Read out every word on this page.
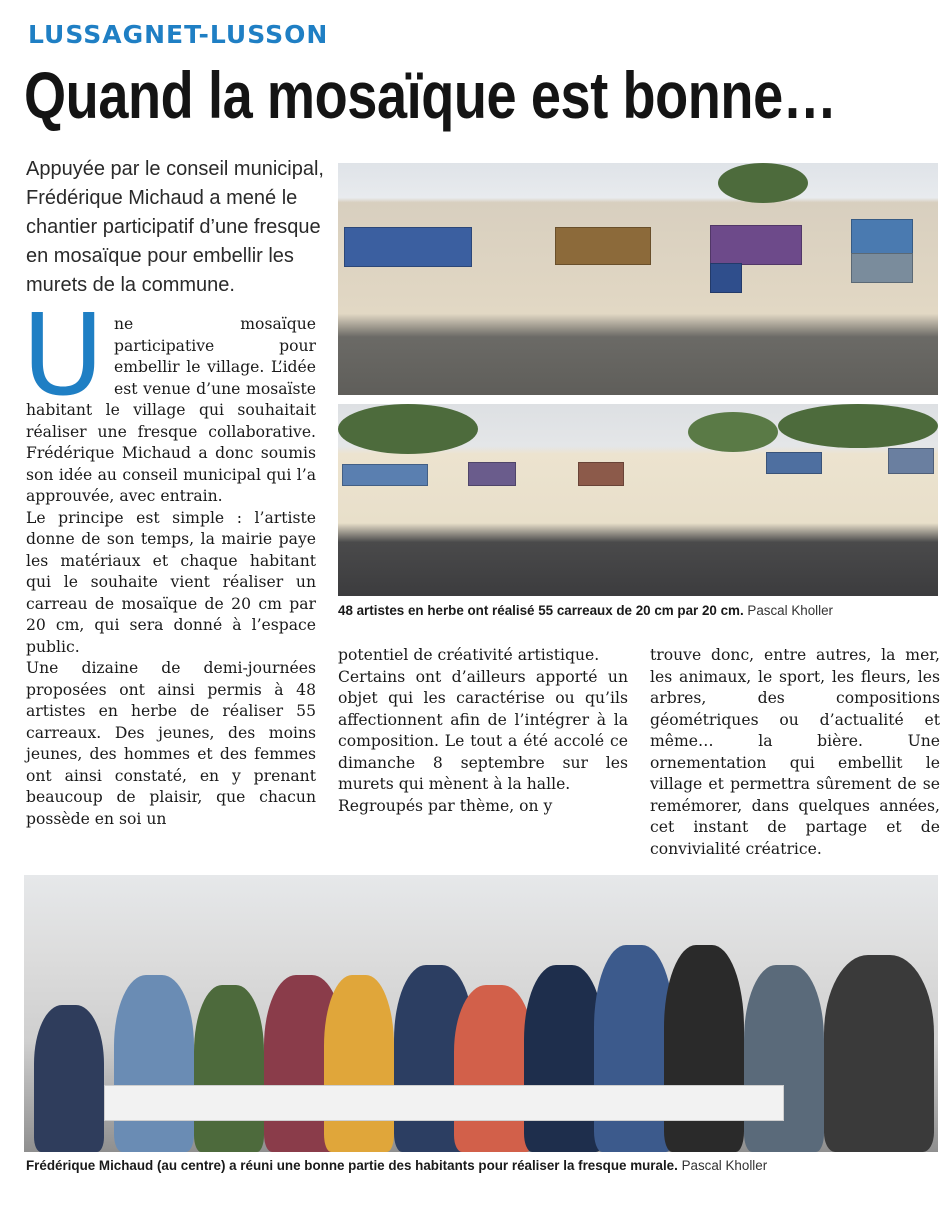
LUSSAGNET-LUSSON
Quand la mosaïque est bonne…
Appuyée par le conseil municipal, Frédérique Michaud a mené le chantier participatif d’une fresque en mosaïque pour embellir les murets de la commune.
48 artistes en herbe ont réalisé 55 carreaux de 20 cm par 20 cm. Pascal Kholler
U ne mosaïque participative pour embellir le village. L’idée est venue d’une mosaïste habitant le village qui souhaitait réaliser une fresque collaborative. Frédérique Michaud a donc soumis son idée au conseil municipal qui l’a approuvée, avec entrain.

Le principe est simple : l’artiste donne de son temps, la mairie paye les matériaux et chaque habitant qui le souhaite vient réaliser un carreau de mosaïque de 20 cm par 20 cm, qui sera donné à l’espace public.

Une dizaine de demi-journées proposées ont ainsi permis à 48 artistes en herbe de réaliser 55 carreaux. Des jeunes, des moins jeunes, des hommes et des femmes ont ainsi constaté, en y prenant beaucoup de plaisir, que chacun possède en soi un

potentiel de créativité artistique.

Certains ont d’ailleurs apporté un objet qui les caractérise ou qu’ils affectionnent afin de l’intégrer à la composition. Le tout a été accolé ce dimanche 8 septembre sur les murets qui mènent à la halle.

Regroupés par thème, on y

trouve donc, entre autres, la mer, les animaux, le sport, les fleurs, les arbres, des compositions géométriques ou d’actualité et même… la bière. Une ornementation qui embellit le village et permettra sûrement de se remémorer, dans quelques années, cet instant de partage et de convivialité créatrice.

Frédérique Michaud (au centre) a réuni une bonne partie des habitants pour réaliser la fresque murale. Pascal Kholler
